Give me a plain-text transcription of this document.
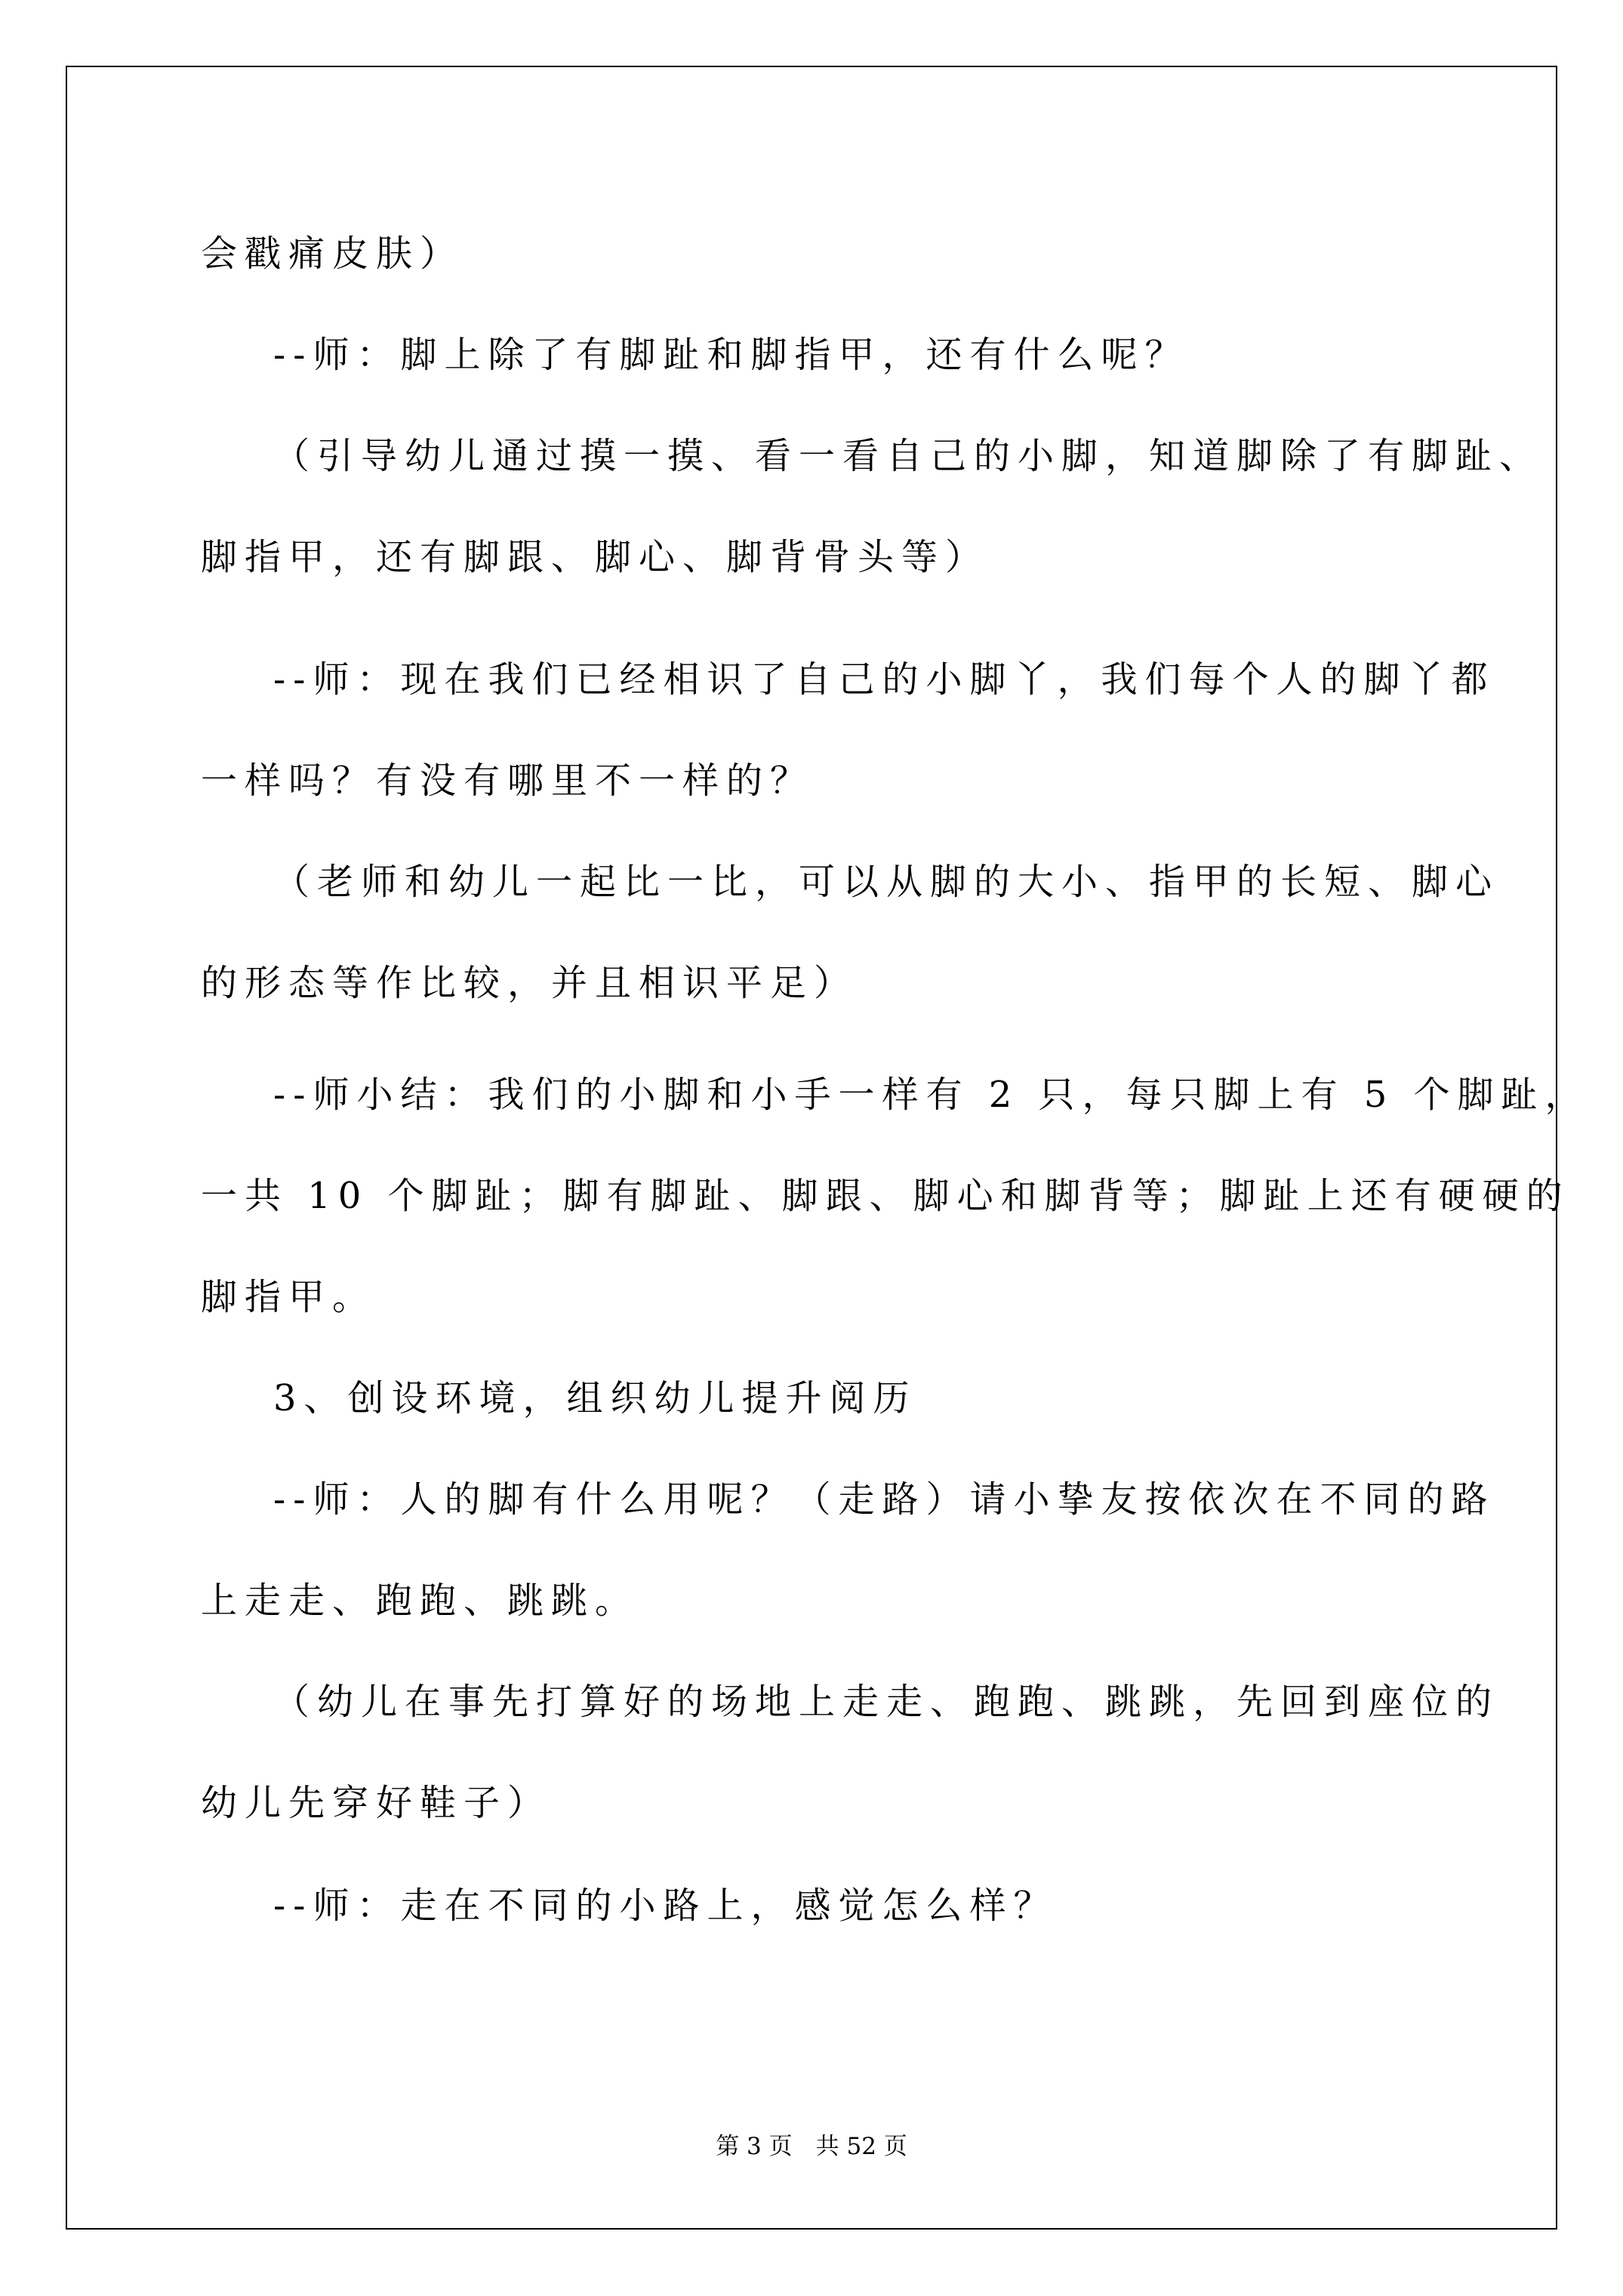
会戳痛皮肤）
--师：脚上除了有脚趾和脚指甲，还有什么呢？
（引导幼儿通过摸一摸、看一看自己的小脚，知道脚除了有脚趾、
脚指甲，还有脚跟、脚心、脚背骨头等）
--师：现在我们已经相识了自己的小脚丫，我们每个人的脚丫都
一样吗？有没有哪里不一样的？
（老师和幼儿一起比一比，可以从脚的大小、指甲的长短、脚心
的形态等作比较，并且相识平足）
--师小结：我们的小脚和小手一样有 2 只，每只脚上有 5 个脚趾，
一共 10 个脚趾；脚有脚趾、脚跟、脚心和脚背等；脚趾上还有硬硬的
脚指甲。
3、创设环境，组织幼儿提升阅历
--师：人的脚有什么用呢？（走路）请小挚友按依次在不同的路
上走走、跑跑、跳跳。
（幼儿在事先打算好的场地上走走、跑跑、跳跳，先回到座位的
幼儿先穿好鞋子）
--师：走在不同的小路上，感觉怎么样？
第 3 页　共 52 页
